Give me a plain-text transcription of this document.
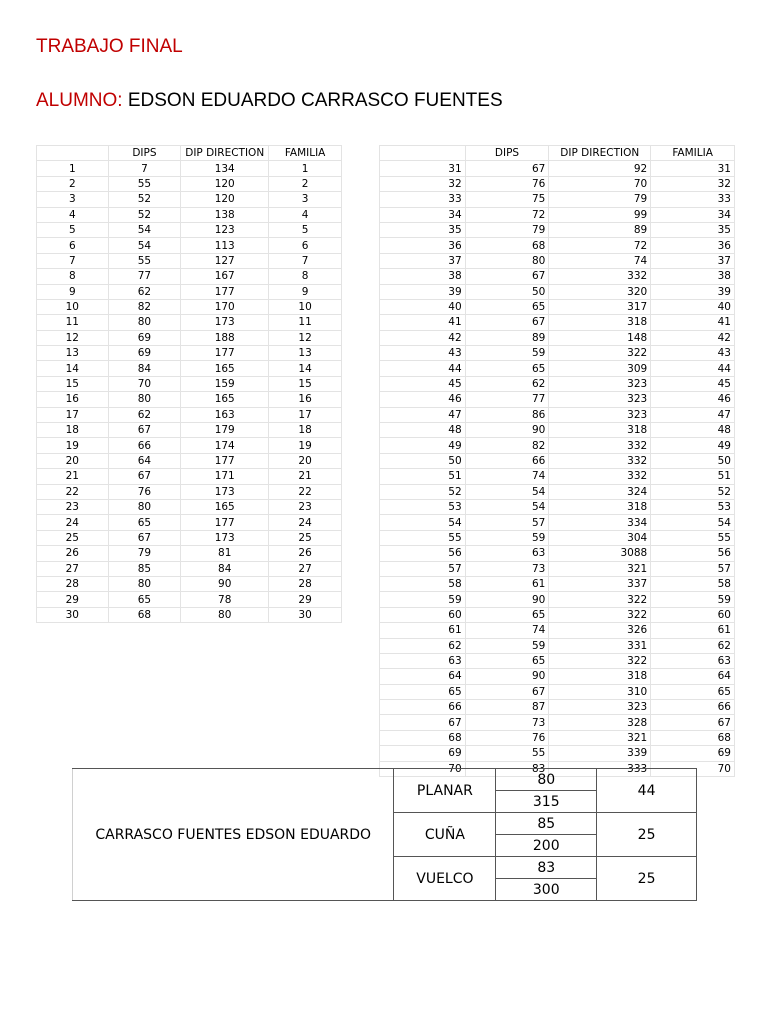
TRABAJO FINAL
ALUMNO: EDSON EDUARDO CARRASCO FUENTES
	DIPS	DIP DIRECTION	FAMILIA
1	7	134	1
2	55	120	2
3	52	120	3
4	52	138	4
5	54	123	5
6	54	113	6
7	55	127	7
8	77	167	8
9	62	177	9
10	82	170	10
11	80	173	11
12	69	188	12
13	69	177	13
14	84	165	14
15	70	159	15
16	80	165	16
17	62	163	17
18	67	179	18
19	66	174	19
20	64	177	20
21	67	171	21
22	76	173	22
23	80	165	23
24	65	177	24
25	67	173	25
26	79	81	26
27	85	84	27
28	80	90	28
29	65	78	29
30	68	80	30
	DIPS	DIP DIRECTION	FAMILIA
31	67	92	31
32	76	70	32
33	75	79	33
34	72	99	34
35	79	89	35
36	68	72	36
37	80	74	37
38	67	332	38
39	50	320	39
40	65	317	40
41	67	318	41
42	89	148	42
43	59	322	43
44	65	309	44
45	62	323	45
46	77	323	46
47	86	323	47
48	90	318	48
49	82	332	49
50	66	332	50
51	74	332	51
52	54	324	52
53	54	318	53
54	57	334	54
55	59	304	55
56	63	3088	56
57	73	321	57
58	61	337	58
59	90	322	59
60	65	322	60
61	74	326	61
62	59	331	62
63	65	322	63
64	90	318	64
65	67	310	65
66	87	323	66
67	73	328	67
68	76	321	68
69	55	339	69
70	83	333	70
CARRASCO FUENTES EDSON EDUARDO	PLANAR	80	44
		315	
	CUÑA	85	25
		200	
	VUELCO	83	25
		300	
